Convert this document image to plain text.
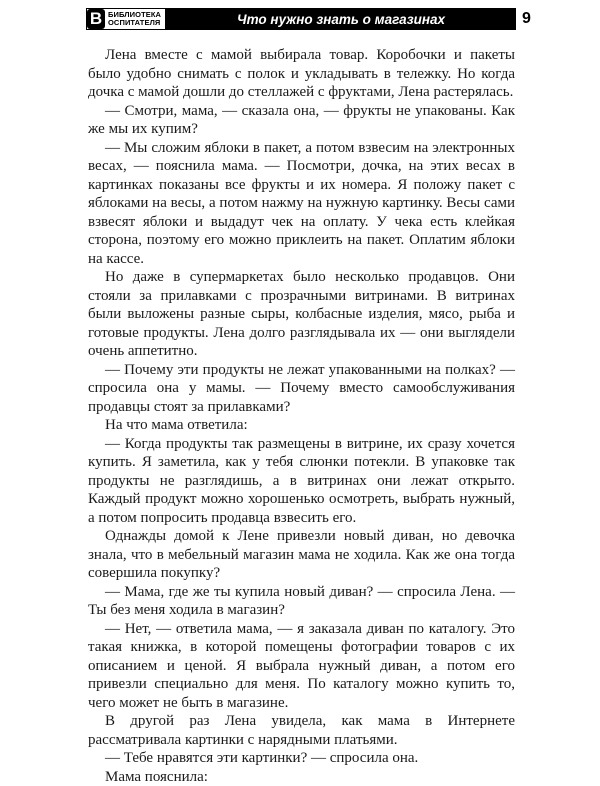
В БИБЛИОТЕКА
ОСПИТАТЕЛЯ	Что нужно знать о магазинах	9

Лена вместе с мамой выбирала товар. Коробочки и пакеты было удобно снимать с полок и укладывать в тележку. Но когда дочка с мамой дошли до стеллажей с фруктами, Лена растерялась.

— Смотри, мама, — сказала она, — фрукты не упакованы. Как же мы их купим?

— Мы сложим яблоки в пакет, а потом взвесим на электронных весах, — пояснила мама. — Посмотри, дочка, на этих весах в картинках показаны все фрукты и их номера. Я положу пакет с яблоками на весы, а потом нажму на нужную картинку. Весы сами взвесят яблоки и выдадут чек на оплату. У чека есть клейкая сторона, поэтому его можно приклеить на пакет. Оплатим яблоки на кассе.

Но даже в супермаркетах было несколько продавцов. Они стояли за прилавками с прозрачными витринами. В витринах были выложены разные сыры, колбасные изделия, мясо, рыба и готовые продукты. Лена долго разглядывала их — они выглядели очень аппетитно.

— Почему эти продукты не лежат упакованными на полках? — спросила она у мамы. — Почему вместо самообслуживания продавцы стоят за прилавками?

На что мама ответила:

— Когда продукты так размещены в витрине, их сразу хочется купить. Я заметила, как у тебя слюнки потекли. В упаковке так продукты не разглядишь, а в витринах они лежат открыто. Каждый продукт можно хорошенько осмотреть, выбрать нужный, а потом попросить продавца взвесить его.

Однажды домой к Лене привезли новый диван, но девочка знала, что в мебельный магазин мама не ходила. Как же она тогда совершила покупку?

— Мама, где же ты купила новый диван? — спросила Лена. — Ты без меня ходила в магазин?

— Нет, — ответила мама, — я заказала диван по каталогу. Это такая книжка, в которой помещены фотографии товаров с их описанием и ценой. Я выбрала нужный диван, а потом его привезли специально для меня. По каталогу можно купить то, чего может не быть в магазине.

В другой раз Лена увидела, как мама в Интернете рассматривала картинки с нарядными платьями.

— Тебе нравятся эти картинки? — спросила она.

Мама пояснила:
